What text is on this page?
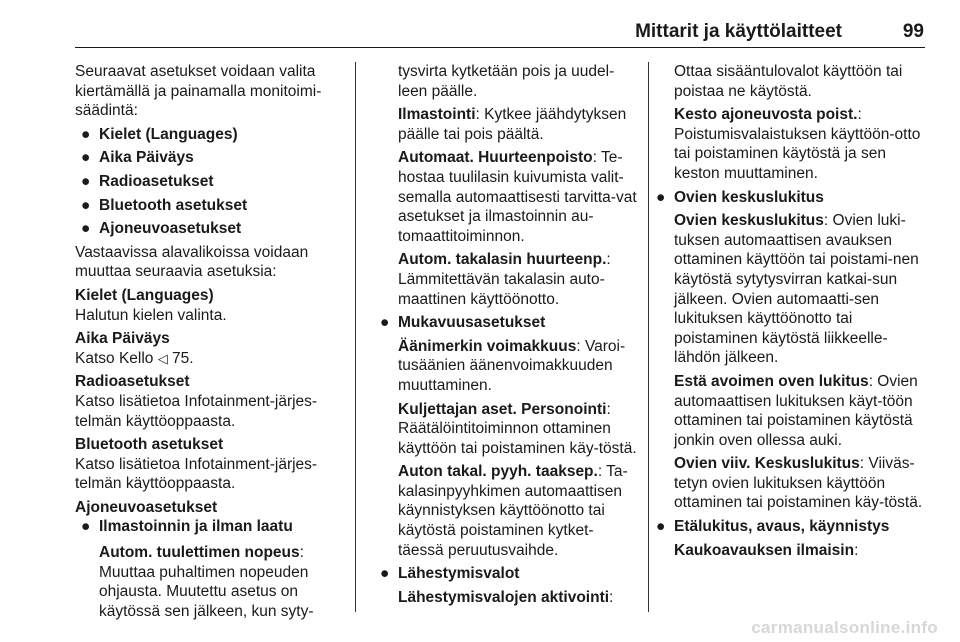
Mittarit ja käyttölaitteet	99

Seuraavat asetukset voidaan valita kiertämällä ja painamalla monitoimi-säädintä:

● Kielet (Languages)
● Aika Päiväys
● Radioasetukset
● Bluetooth asetukset
● Ajoneuvoasetukset

Vastaavissa alavalikoissa voidaan muuttaa seuraavia asetuksia:

Kielet (Languages)

Halutun kielen valinta.

Aika Päiväys

Katso Kello ◁ 75.

Radioasetukset

Katso lisätietoa Infotainment-järjes-telmän käyttöoppaasta.

Bluetooth asetukset

Katso lisätietoa Infotainment-järjes-telmän käyttöoppaasta.

Ajoneuvoasetukset

● Ilmastoinnin ja ilman laatu

Autom. tuulettimen nopeus: Muuttaa puhaltimen nopeuden ohjausta. Muutettu asetus on käytössä sen jälkeen, kun syty-

tysvirta kytketään pois ja uudel-leen päälle.

Ilmastointi: Kytkee jäähdytyksen päälle tai pois päältä.

Automaat. Huurteenpoisto: Te-hostaa tuulilasin kuivumista valit-semalla automaattisesti tarvitta-vat asetukset ja ilmastoinnin au-tomaattitoiminnon.

Autom. takalasin huurteenp.: Lämmitettävän takalasin auto-maattinen käyttöönotto.

● Mukavuusasetukset

Äänimerkin voimakkuus: Varoi-tusäänien äänenvoimakkuuden muuttaminen.

Kuljettajan aset. Personointi: Räätälöintitoiminnon ottaminen käyttöön tai poistaminen käy-töstä.

Auton takal. pyyh. taaksep.: Ta-kalasinpyyhkimen automaattisen käynnistyksen käyttöönotto tai käytöstä poistaminen kytket-täessä peruutusvaihde.

● Lähestymisvalot

Lähestymisvalojen aktivointi:

Ottaa sisääntulovalot käyttöön tai poistaa ne käytöstä.

Kesto ajoneuvosta poist.: Poistumisvalaistuksen käyttöön-otto tai poistaminen käytöstä ja sen keston muuttaminen.

● Ovien keskuslukitus

Ovien keskuslukitus: Ovien luki-tuksen automaattisen avauksen ottaminen käyttöön tai poistami-nen käytöstä sytytysvirran katkai-sun jälkeen. Ovien automaatti-sen lukituksen käyttöönotto tai poistaminen käytöstä liikkeelle-lähdön jälkeen.

Estä avoimen oven lukitus: Ovien automaattisen lukituksen käyt-töön ottaminen tai poistaminen käytöstä jonkin oven ollessa auki.

Ovien viiv. Keskuslukitus: Viiväs-tetyn ovien lukituksen käyttöön ottaminen tai poistaminen käy-töstä.

● Etälukitus, avaus, käynnistys

Kaukoavauksen ilmaisin:

carmanualsonline.info
